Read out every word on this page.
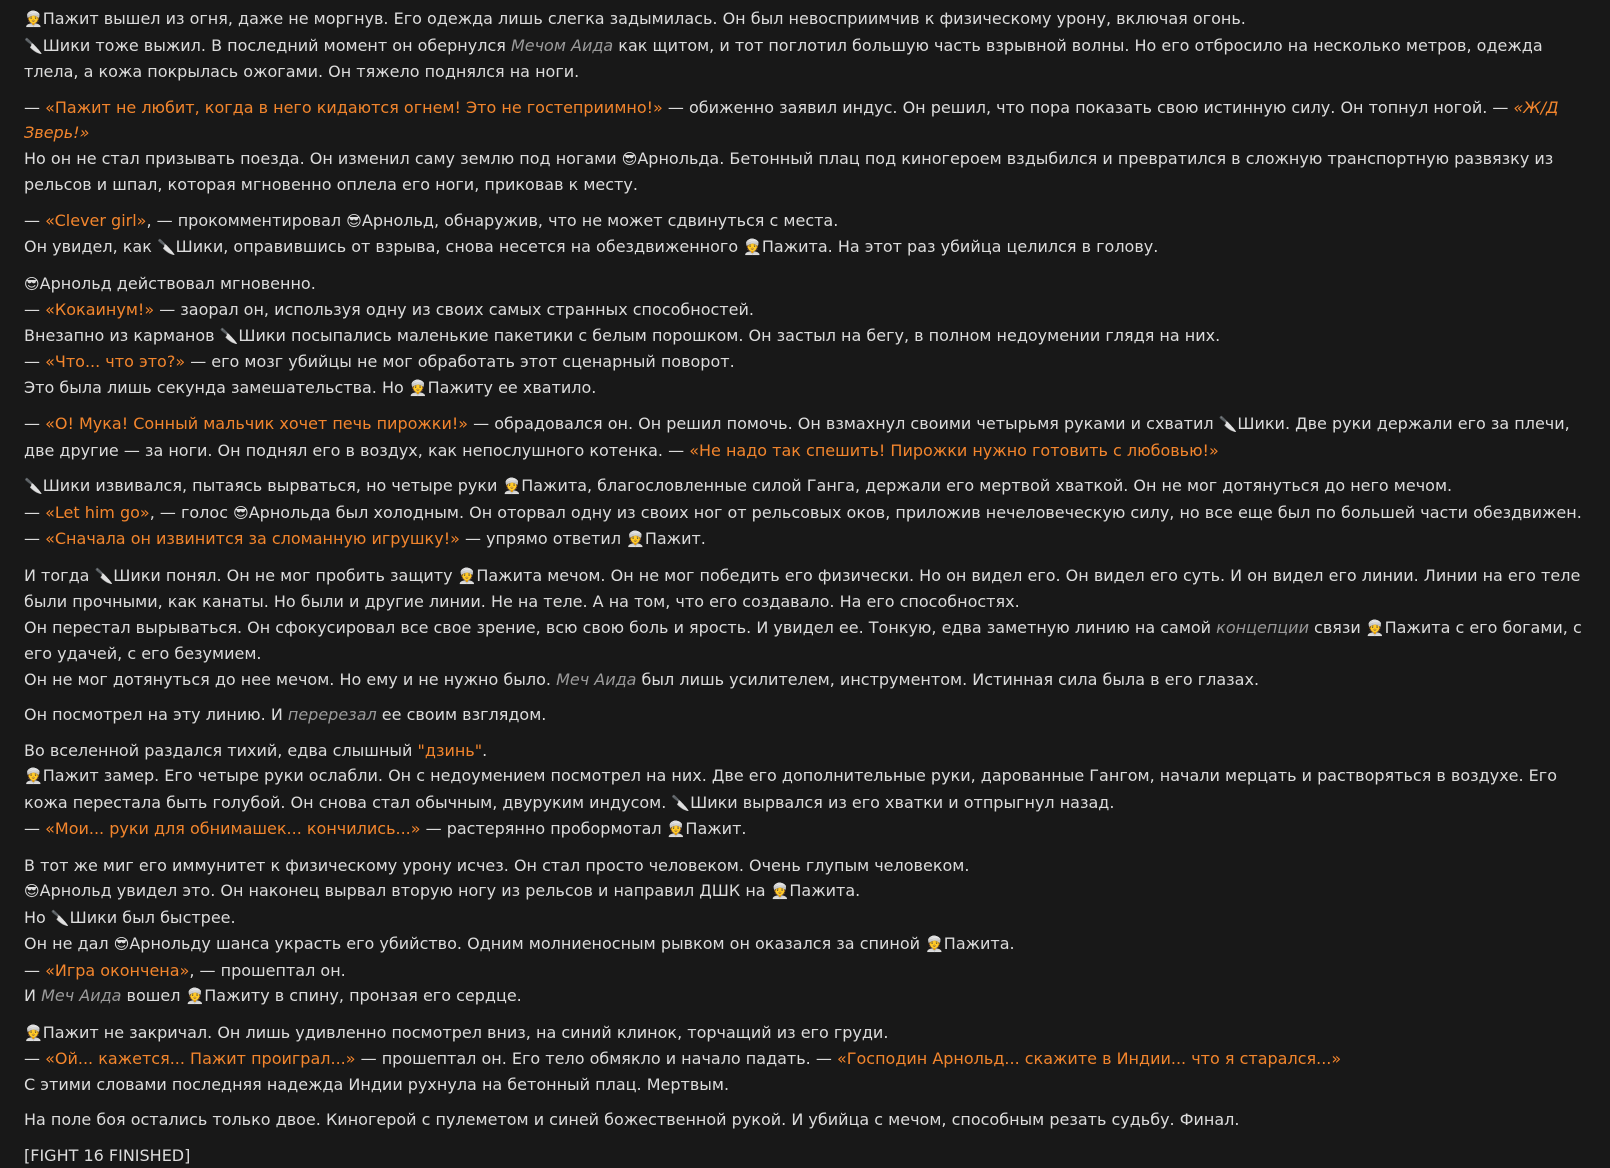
👳Пажит вышел из огня, даже не моргнув. Его одежда лишь слегка задымилась. Он был невосприимчив к физическому урону, включая огонь.
🔪Шики тоже выжил. В последний момент он обернулся Мечом Аида как щитом, и тот поглотил большую часть взрывной волны. Но его отбросило на несколько метров, одежда тлела, а кожа покрылась ожогами. Он тяжело поднялся на ноги.
— «Пажит не любит, когда в него кидаются огнем! Это не гостеприимно!» — обиженно заявил индус. Он решил, что пора показать свою истинную силу. Он топнул ногой. — «Ж/Д Зверь!»
Но он не стал призывать поезда. Он изменил саму землю под ногами 😎Арнольда. Бетонный плац под киногероем вздыбился и превратился в сложную транспортную развязку из рельсов и шпал, которая мгновенно оплела его ноги, приковав к месту.
— «Clever girl», — прокомментировал 😎Арнольд, обнаружив, что не может сдвинуться с места.
Он увидел, как 🔪Шики, оправившись от взрыва, снова несется на обездвиженного 👳Пажита. На этот раз убийца целился в голову.
😎Арнольд действовал мгновенно.
— «Кокаинум!» — заорал он, используя одну из своих самых странных способностей.
Внезапно из карманов 🔪Шики посыпались маленькие пакетики с белым порошком. Он застыл на бегу, в полном недоумении глядя на них.
— «Что... что это?» — его мозг убийцы не мог обработать этот сценарный поворот.
Это была лишь секунда замешательства. Но 👳Пажиту ее хватило.
— «О! Мука! Сонный мальчик хочет печь пирожки!» — обрадовался он. Он решил помочь. Он взмахнул своими четырьмя руками и схватил 🔪Шики. Две руки держали его за плечи, две другие — за ноги. Он поднял его в воздух, как непослушного котенка. — «Не надо так спешить! Пирожки нужно готовить с любовью!»
🔪Шики извивался, пытаясь вырваться, но четыре руки 👳Пажита, благословленные силой Ганга, держали его мертвой хваткой. Он не мог дотянуться до него мечом.
— «Let him go», — голос 😎Арнольда был холодным. Он оторвал одну из своих ног от рельсовых оков, приложив нечеловеческую силу, но все еще был по большей части обездвижен.
— «Сначала он извинится за сломанную игрушку!» — упрямо ответил 👳Пажит.
И тогда 🔪Шики понял. Он не мог пробить защиту 👳Пажита мечом. Он не мог победить его физически. Но он видел его. Он видел его суть. И он видел его линии. Линии на его теле были прочными, как канаты. Но были и другие линии. Не на теле. А на том, что его создавало. На его способностях.
Он перестал вырываться. Он сфокусировал все свое зрение, всю свою боль и ярость. И увидел ее. Тонкую, едва заметную линию на самой концепции связи 👳Пажита с его богами, с его удачей, с его безумием.
Он не мог дотянуться до нее мечом. Но ему и не нужно было. Меч Аида был лишь усилителем, инструментом. Истинная сила была в его глазах.
Он посмотрел на эту линию. И перерезал ее своим взглядом.
Во вселенной раздался тихий, едва слышный "дзинь".
👳Пажит замер. Его четыре руки ослабли. Он с недоумением посмотрел на них. Две его дополнительные руки, дарованные Гангом, начали мерцать и растворяться в воздухе. Его кожа перестала быть голубой. Он снова стал обычным, двуруким индусом. 🔪Шики вырвался из его хватки и отпрыгнул назад.
— «Мои... руки для обнимашек... кончились...» — растерянно пробормотал 👳Пажит.
В тот же миг его иммунитет к физическому урону исчез. Он стал просто человеком. Очень глупым человеком.
😎Арнольд увидел это. Он наконец вырвал вторую ногу из рельсов и направил ДШК на 👳Пажита.
Но 🔪Шики был быстрее.
Он не дал 😎Арнольду шанса украсть его убийство. Одним молниеносным рывком он оказался за спиной 👳Пажита.
— «Игра окончена», — прошептал он.
И Меч Аида вошел 👳Пажиту в спину, пронзая его сердце.
👳Пажит не закричал. Он лишь удивленно посмотрел вниз, на синий клинок, торчащий из его груди.
— «Ой... кажется... Пажит проиграл...» — прошептал он. Его тело обмякло и начало падать. — «Господин Арнольд... скажите в Индии... что я старался...»
С этими словами последняя надежда Индии рухнула на бетонный плац. Мертвым.
На поле боя остались только двое. Киногерой с пулеметом и синей божественной рукой. И убийца с мечом, способным резать судьбу. Финал.
[FIGHT 16 FINISHED]
